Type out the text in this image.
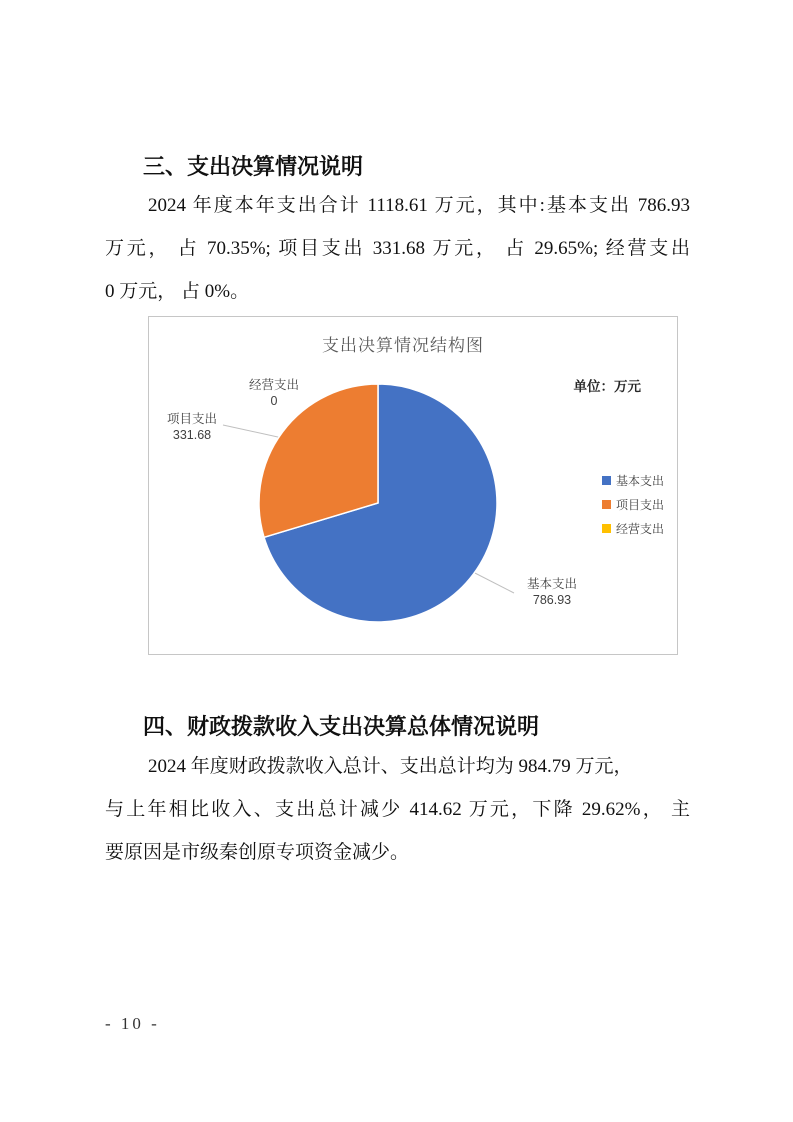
三、支出决算情况说明
2024 年度本年支出合计 1118.61 万元，其中:基本支出 786.93
万元， 占 70.35%; 项目支出 331.68 万元， 占 29.65%; 经营支出
0 万元， 占 0%。
支出决算情况结构图
单位：万元
经营支出
0
项目支出
331.68
基本支出
786.93
基本支出
项目支出
经营支出
四、财政拨款收入支出决算总体情况说明
2024 年度财政拨款收入总计、支出总计均为 984.79 万元，
与上年相比收入、支出总计减少 414.62 万元，下降 29.62%， 主
要原因是市级秦创原专项资金减少。
- 10 -
